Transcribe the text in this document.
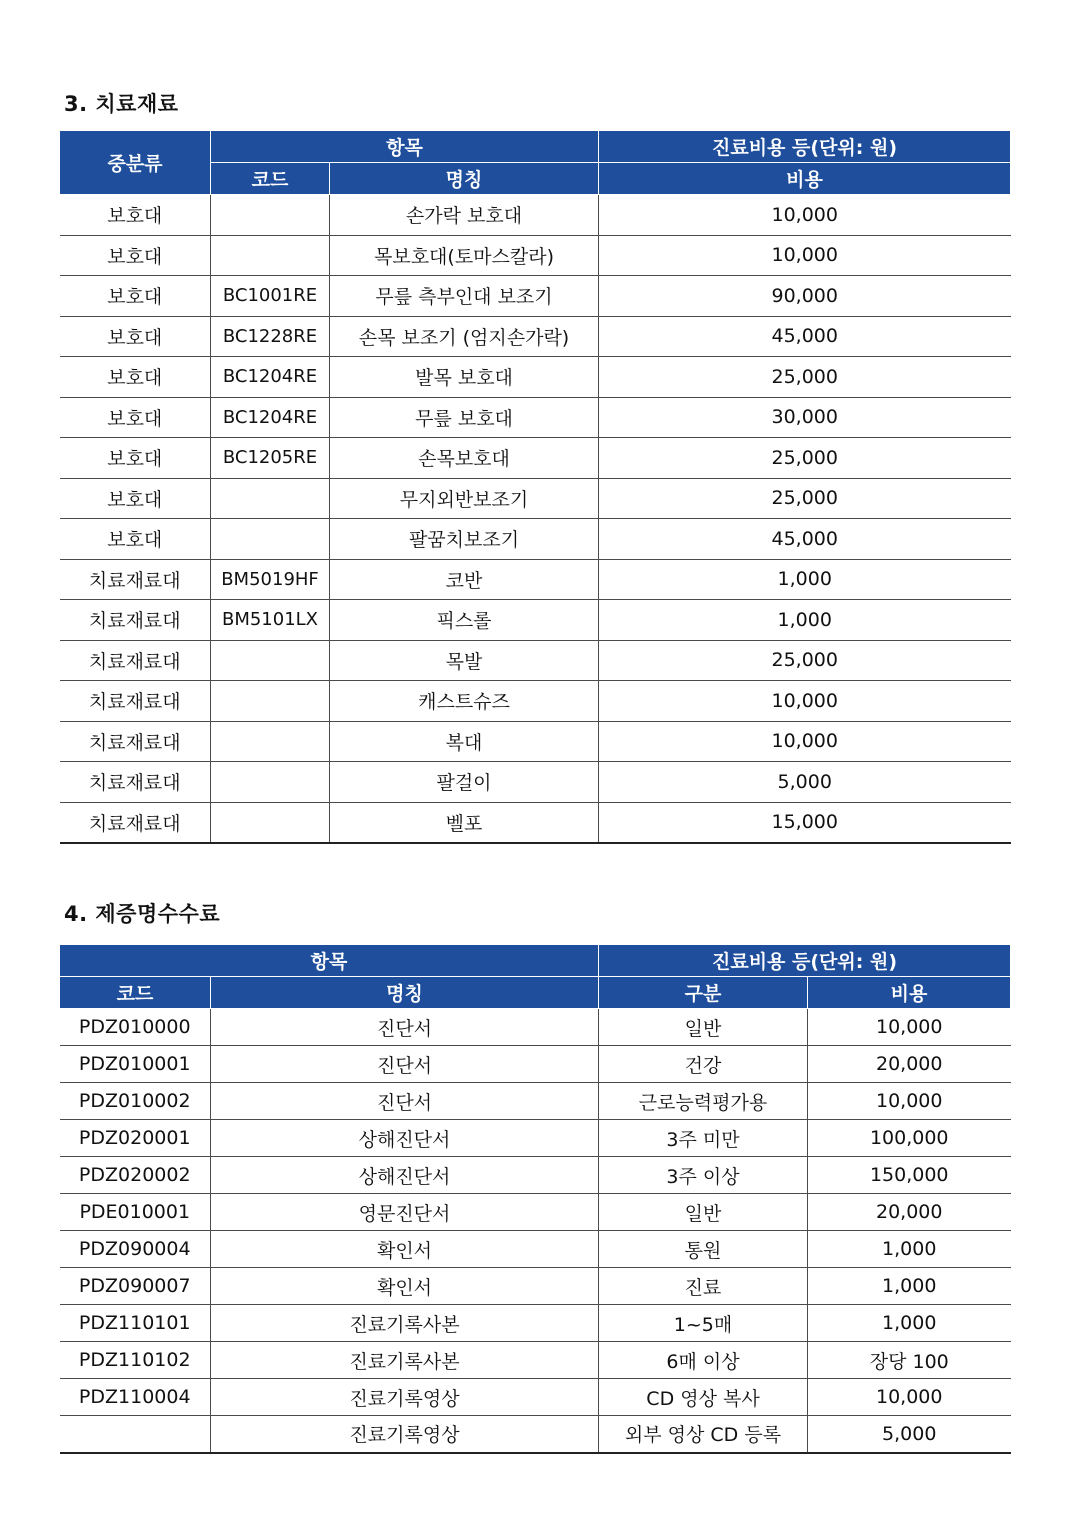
3. 치료재료
중분류	항목		진료비용 등(단위: 원)
	코드	명칭	비용
보호대		손가락 보호대	10,000
보호대		목보호대(토마스칼라)	10,000
보호대	BC1001RE	무릎 측부인대 보조기	90,000
보호대	BC1228RE	손목 보조기 (엄지손가락)	45,000
보호대	BC1204RE	발목 보호대	25,000
보호대	BC1204RE	무릎 보호대	30,000
보호대	BC1205RE	손목보호대	25,000
보호대		무지외반보조기	25,000
보호대		팔꿈치보조기	45,000
치료재료대	BM5019HF	코반	1,000
치료재료대	BM5101LX	픽스롤	1,000
치료재료대		목발	25,000
치료재료대		캐스트슈즈	10,000
치료재료대		복대	10,000
치료재료대		팔걸이	5,000
치료재료대		벨포	15,000
4. 제증명수수료
항목		진료비용 등(단위: 원)	
코드	명칭	구분	비용
PDZ010000	진단서	일반	10,000
PDZ010001	진단서	건강	20,000
PDZ010002	진단서	근로능력평가용	10,000
PDZ020001	상해진단서	3주 미만	100,000
PDZ020002	상해진단서	3주 이상	150,000
PDE010001	영문진단서	일반	20,000
PDZ090004	확인서	통원	1,000
PDZ090007	확인서	진료	1,000
PDZ110101	진료기록사본	1~5매	1,000
PDZ110102	진료기록사본	6매 이상	장당 100
PDZ110004	진료기록영상	CD 영상 복사	10,000
	진료기록영상	외부 영상 CD 등록	5,000
